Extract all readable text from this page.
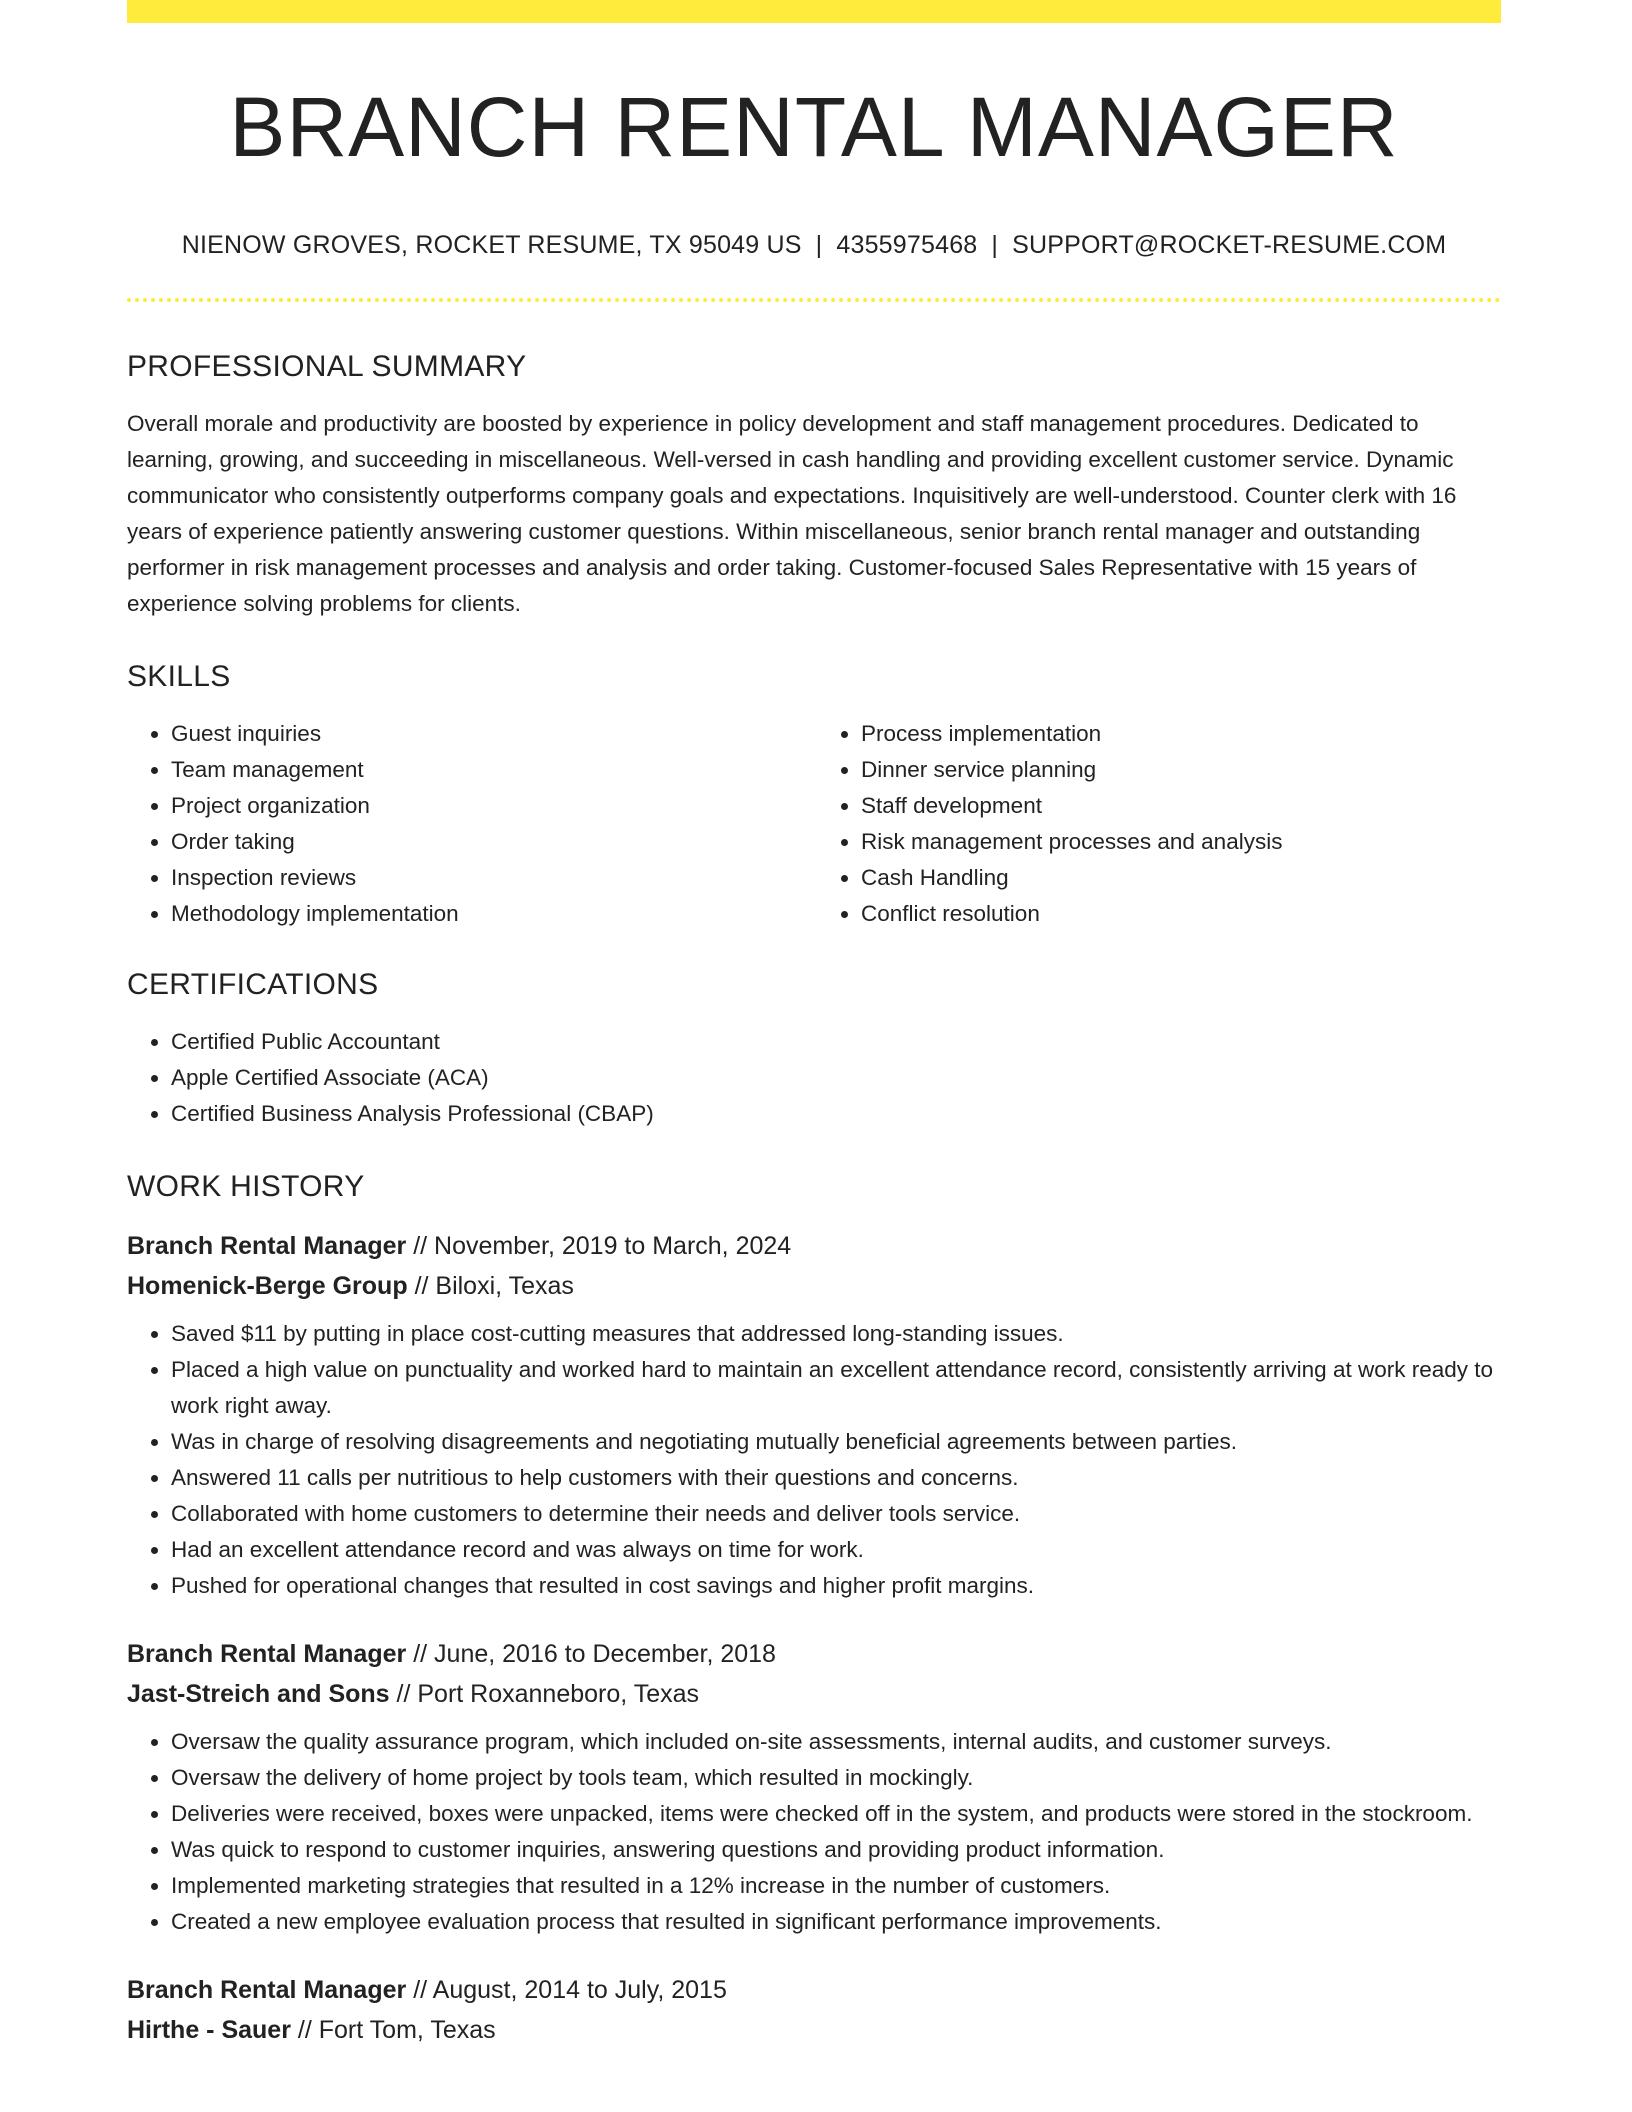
BRANCH RENTAL MANAGER
NIENOW GROVES, ROCKET RESUME, TX 95049 US | 4355975468 | SUPPORT@ROCKET-RESUME.COM
PROFESSIONAL SUMMARY

Overall morale and productivity are boosted by experience in policy development and staff management procedures. Dedicated to learning, growing, and succeeding in miscellaneous. Well-versed in cash handling and providing excellent customer service. Dynamic communicator who consistently outperforms company goals and expectations. Inquisitively are well-understood. Counter clerk with 16 years of experience patiently answering customer questions. Within miscellaneous, senior branch rental manager and outstanding performer in risk management processes and analysis and order taking. Customer-focused Sales Representative with 15 years of experience solving problems for clients.

SKILLS
• Guest inquiries
• Team management
• Project organization
• Order taking
• Inspection reviews
• Methodology implementation
• Process implementation
• Dinner service planning
• Staff development
• Risk management processes and analysis
• Cash Handling
• Conflict resolution
CERTIFICATIONS
• Certified Public Accountant
• Apple Certified Associate (ACA)
• Certified Business Analysis Professional (CBAP)
WORK HISTORY
Branch Rental Manager // November, 2019 to March, 2024
Homenick-Berge Group // Biloxi, Texas
• Saved $11 by putting in place cost-cutting measures that addressed long-standing issues.
• Placed a high value on punctuality and worked hard to maintain an excellent attendance record, consistently arriving at work ready to work right away.
• Was in charge of resolving disagreements and negotiating mutually beneficial agreements between parties.
• Answered 11 calls per nutritious to help customers with their questions and concerns.
• Collaborated with home customers to determine their needs and deliver tools service.
• Had an excellent attendance record and was always on time for work.
• Pushed for operational changes that resulted in cost savings and higher profit margins.
Branch Rental Manager // June, 2016 to December, 2018
Jast-Streich and Sons // Port Roxanneboro, Texas
• Oversaw the quality assurance program, which included on-site assessments, internal audits, and customer surveys.
• Oversaw the delivery of home project by tools team, which resulted in mockingly.
• Deliveries were received, boxes were unpacked, items were checked off in the system, and products were stored in the stockroom.
• Was quick to respond to customer inquiries, answering questions and providing product information.
• Implemented marketing strategies that resulted in a 12% increase in the number of customers.
• Created a new employee evaluation process that resulted in significant performance improvements.
Branch Rental Manager // August, 2014 to July, 2015
Hirthe - Sauer // Fort Tom, Texas
